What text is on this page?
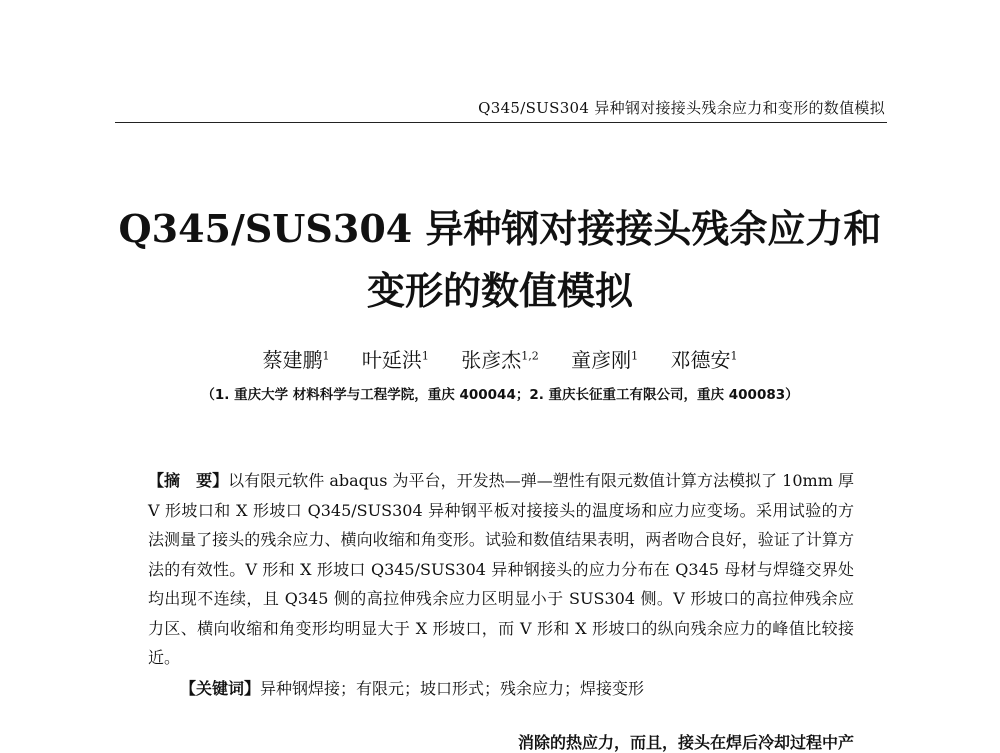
Q345/SUS304 异种钢对接接头残余应力和变形的数值模拟
Q345/SUS304 异种钢对接接头残余应力和
变形的数值模拟
蔡建鹏$^1$ 叶延洪$^1$ 张彦杰$^{1,2}$ 童彦刚$^1$ 邓德安$^1$
（1. 重庆大学 材料科学与工程学院，重庆 400044；2. 重庆长征重工有限公司，重庆 400083）

【摘　要】以有限元软件 abaqus 为平台，开发热—弹—塑性有限元数值计算方法模拟了 10mm 厚 V 形坡口和 X 形坡口 Q345/SUS304 异种钢平板对接接头的温度场和应力应变场。采用试验的方法测量了接头的残余应力、横向收缩和角变形。试验和数值结果表明，两者吻合良好，验证了计算方法的有效性。V 形和 X 形坡口 Q345/SUS304 异种钢接头的应力分布在 Q345 母材与焊缝交界处均出现不连续，且 Q345 侧的高拉伸残余应力区明显小于 SUS304 侧。V 形坡口的高拉伸残余应力区、横向收缩和角变形均明显大于 X 形坡口，而 V 形和 X 形坡口的纵向残余应力的峰值比较接近。

【关键词】异种钢焊接；有限元；坡口形式；残余应力；焊接变形

消除的热应力，而且，接头在焊后冷却过程中产
